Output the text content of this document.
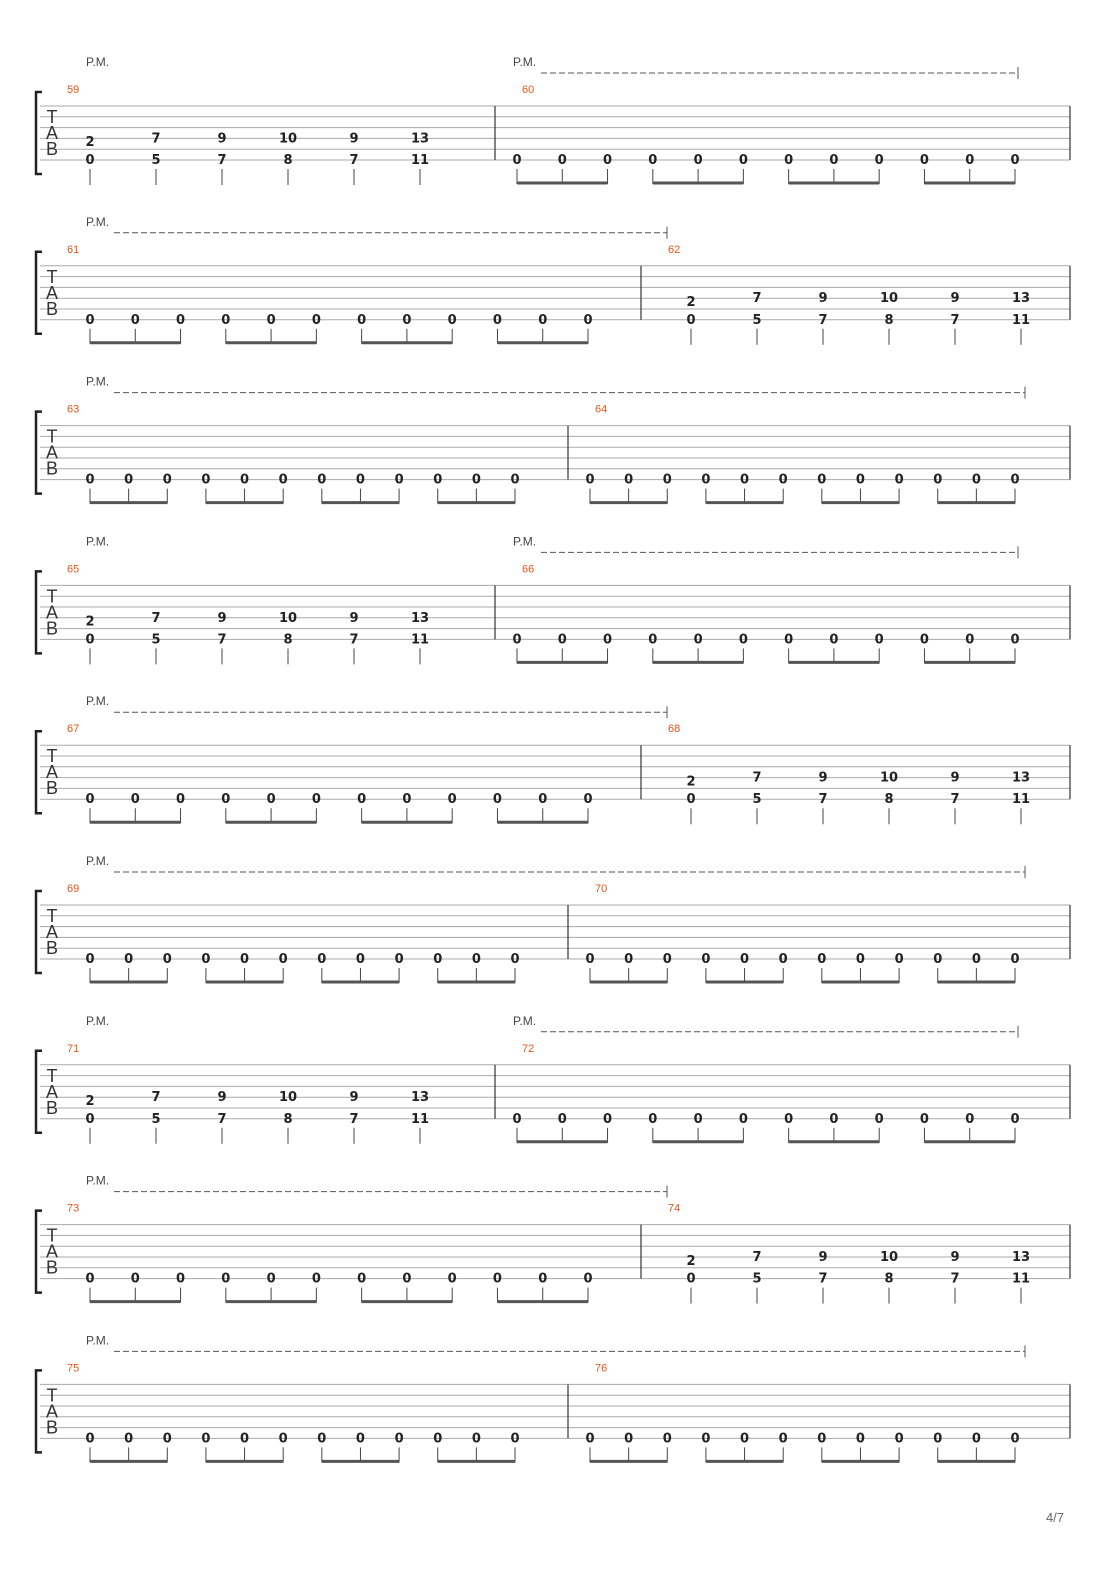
T
A
B
P.M.	P.M.
59
2
0
7
5
9
7
10
8
9
7
13
11
60
0	0	0	0	0	0	0	0	0	0	0	0
T
A
B
P.M.
61
0	0	0	0	0	0	0	0	0	0	0	0
62
2
0
7
5
9
7
10
8
9
7
13
11
T
A
B
P.M.
63
0 0 0 0 0 0 0 0 0 0 0 0
64
0 0 0 0 0 0 0 0 0 0 0 0
T
A
B
P.M.	P.M.
65
2
0
7
5
9
7
10
8
9
7
13
11
66
0	0	0	0	0	0	0	0	0	0	0	0
T
A
B
P.M.
67
0	0	0	0	0	0	0	0	0	0	0	0
68
2
0
7
5
9
7
10
8
9
7
13
11
T
A
B
P.M.
69
0 0 0 0 0 0 0 0 0 0 0 0
70
0 0 0 0 0 0 0 0 0 0 0 0
T
A
B
P.M.	P.M.
71
2
0
7
5
9
7
10
8
9
7
13
11
72
0	0	0	0	0	0	0	0	0	0	0	0
T
A
B
P.M.
73
0	0	0	0	0	0	0	0	0	0	0	0
74
2
0
7
5
9
7
10
8
9
7
13
11
T
A
B
P.M.
75
0 0 0 0 0 0 0 0 0 0 0 0
76
0 0 0 0 0 0 0 0 0 0 0 0
4/7
